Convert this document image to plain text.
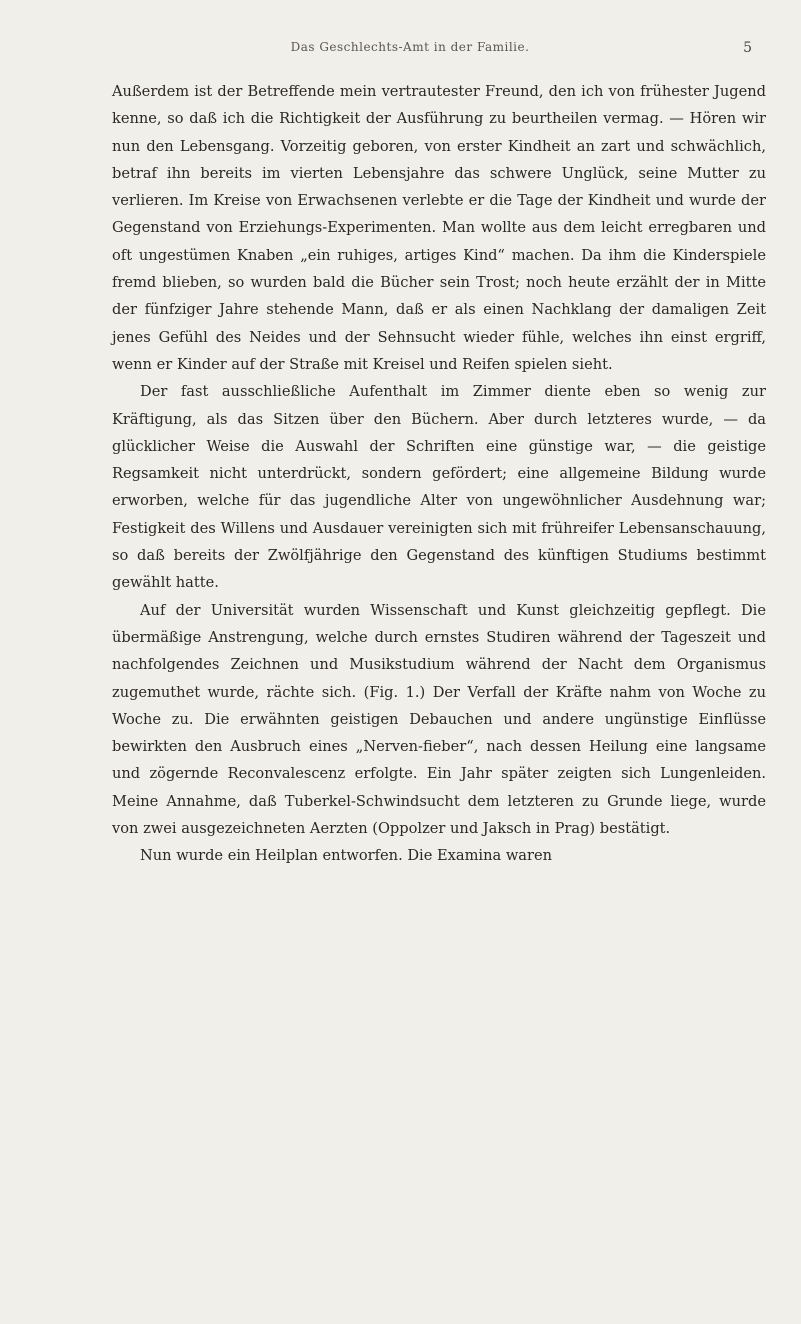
Das Geschlechts-Amt in der Familie.	5

Außerdem ist der Betreffende mein vertrautester Freund, den ich von frühester Jugend kenne, so daß ich die Richtigkeit der Ausführung zu beurtheilen vermag. — Hören wir nun den Lebensgang. Vorzeitig geboren, von erster Kindheit an zart und schwächlich, betraf ihn bereits im vierten Lebensjahre das schwere Unglück, seine Mutter zu verlieren. Im Kreise von Erwachsenen verlebte er die Tage der Kindheit und wurde der Gegenstand von Erziehungs-Experimenten. Man wollte aus dem leicht erregbaren und oft ungestümen Knaben „ein ruhiges, artiges Kind“ machen. Da ihm die Kinderspiele fremd blieben, so wurden bald die Bücher sein Trost; noch heute erzählt der in Mitte der fünfziger Jahre stehende Mann, daß er als einen Nachklang der damaligen Zeit jenes Gefühl des Neides und der Sehnsucht wieder fühle, welches ihn einst ergriff, wenn er Kinder auf der Straße mit Kreisel und Reifen spielen sieht.

Der fast ausschließliche Aufenthalt im Zimmer diente eben so wenig zur Kräftigung, als das Sitzen über den Büchern. Aber durch letzteres wurde, — da glücklicher Weise die Auswahl der Schriften eine günstige war, — die geistige Regsamkeit nicht unterdrückt, sondern gefördert; eine allgemeine Bildung wurde erworben, welche für das jugendliche Alter von ungewöhnlicher Ausdehnung war; Festigkeit des Willens und Ausdauer vereinigten sich mit frühreifer Lebensanschauung, so daß bereits der Zwölfjährige den Gegenstand des künftigen Studiums bestimmt gewählt hatte.

Auf der Universität wurden Wissenschaft und Kunst gleichzeitig gepflegt. Die übermäßige Anstrengung, welche durch ernstes Studiren während der Tageszeit und nachfolgendes Zeichnen und Musikstudium während der Nacht dem Organismus zugemuthet wurde, rächte sich. (Fig. 1.) Der Verfall der Kräfte nahm von Woche zu Woche zu. Die erwähnten geistigen Debauchen und andere ungünstige Einflüsse bewirkten den Ausbruch eines „Nerven-fieber“, nach dessen Heilung eine langsame und zögernde Reconvalescenz erfolgte. Ein Jahr später zeigten sich Lungenleiden. Meine Annahme, daß Tuberkel-Schwindsucht dem letzteren zu Grunde liege, wurde von zwei ausgezeichneten Aerzten (Oppolzer und Jaksch in Prag) bestätigt.

Nun wurde ein Heilplan entworfen. Die Examina waren
